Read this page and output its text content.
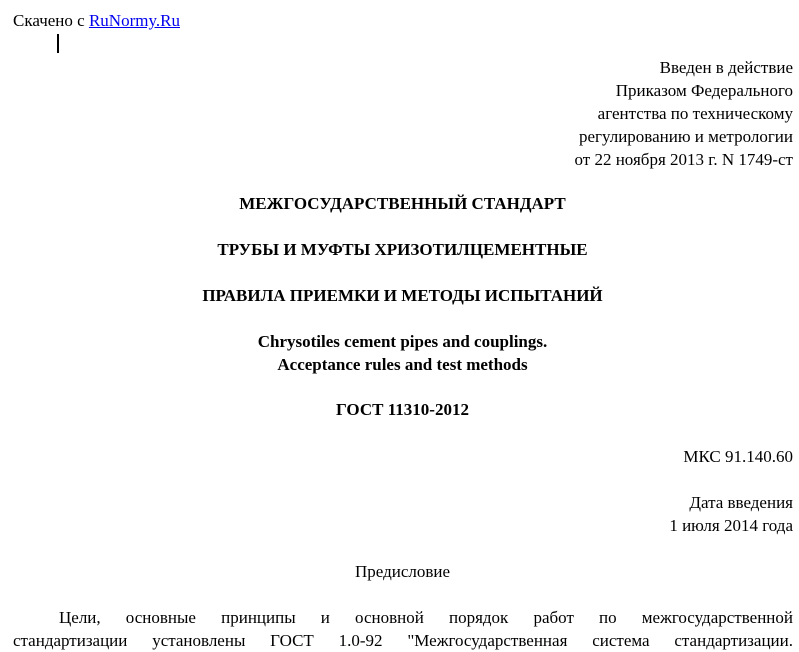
Скачено с RuNormy.Ru
Введен в действие
Приказом Федерального
агентства по техническому
регулированию и метрологии
от 22 ноября 2013 г. N 1749-ст
МЕЖГОСУДАРСТВЕННЫЙ СТАНДАРТ
ТРУБЫ И МУФТЫ ХРИЗОТИЛЦЕМЕНТНЫЕ
ПРАВИЛА ПРИЕМКИ И МЕТОДЫ ИСПЫТАНИЙ
Chrysotiles cement pipes and couplings.
Acceptance rules and test methods
ГОСТ 11310-2012
МКС 91.140.60
Дата введения
1 июля 2014 года
Предисловие
Цели, основные принципы и основной порядок работ по межгосударственной
стандартизации установлены ГОСТ 1.0-92 "Межгосударственная система стандартизации.
